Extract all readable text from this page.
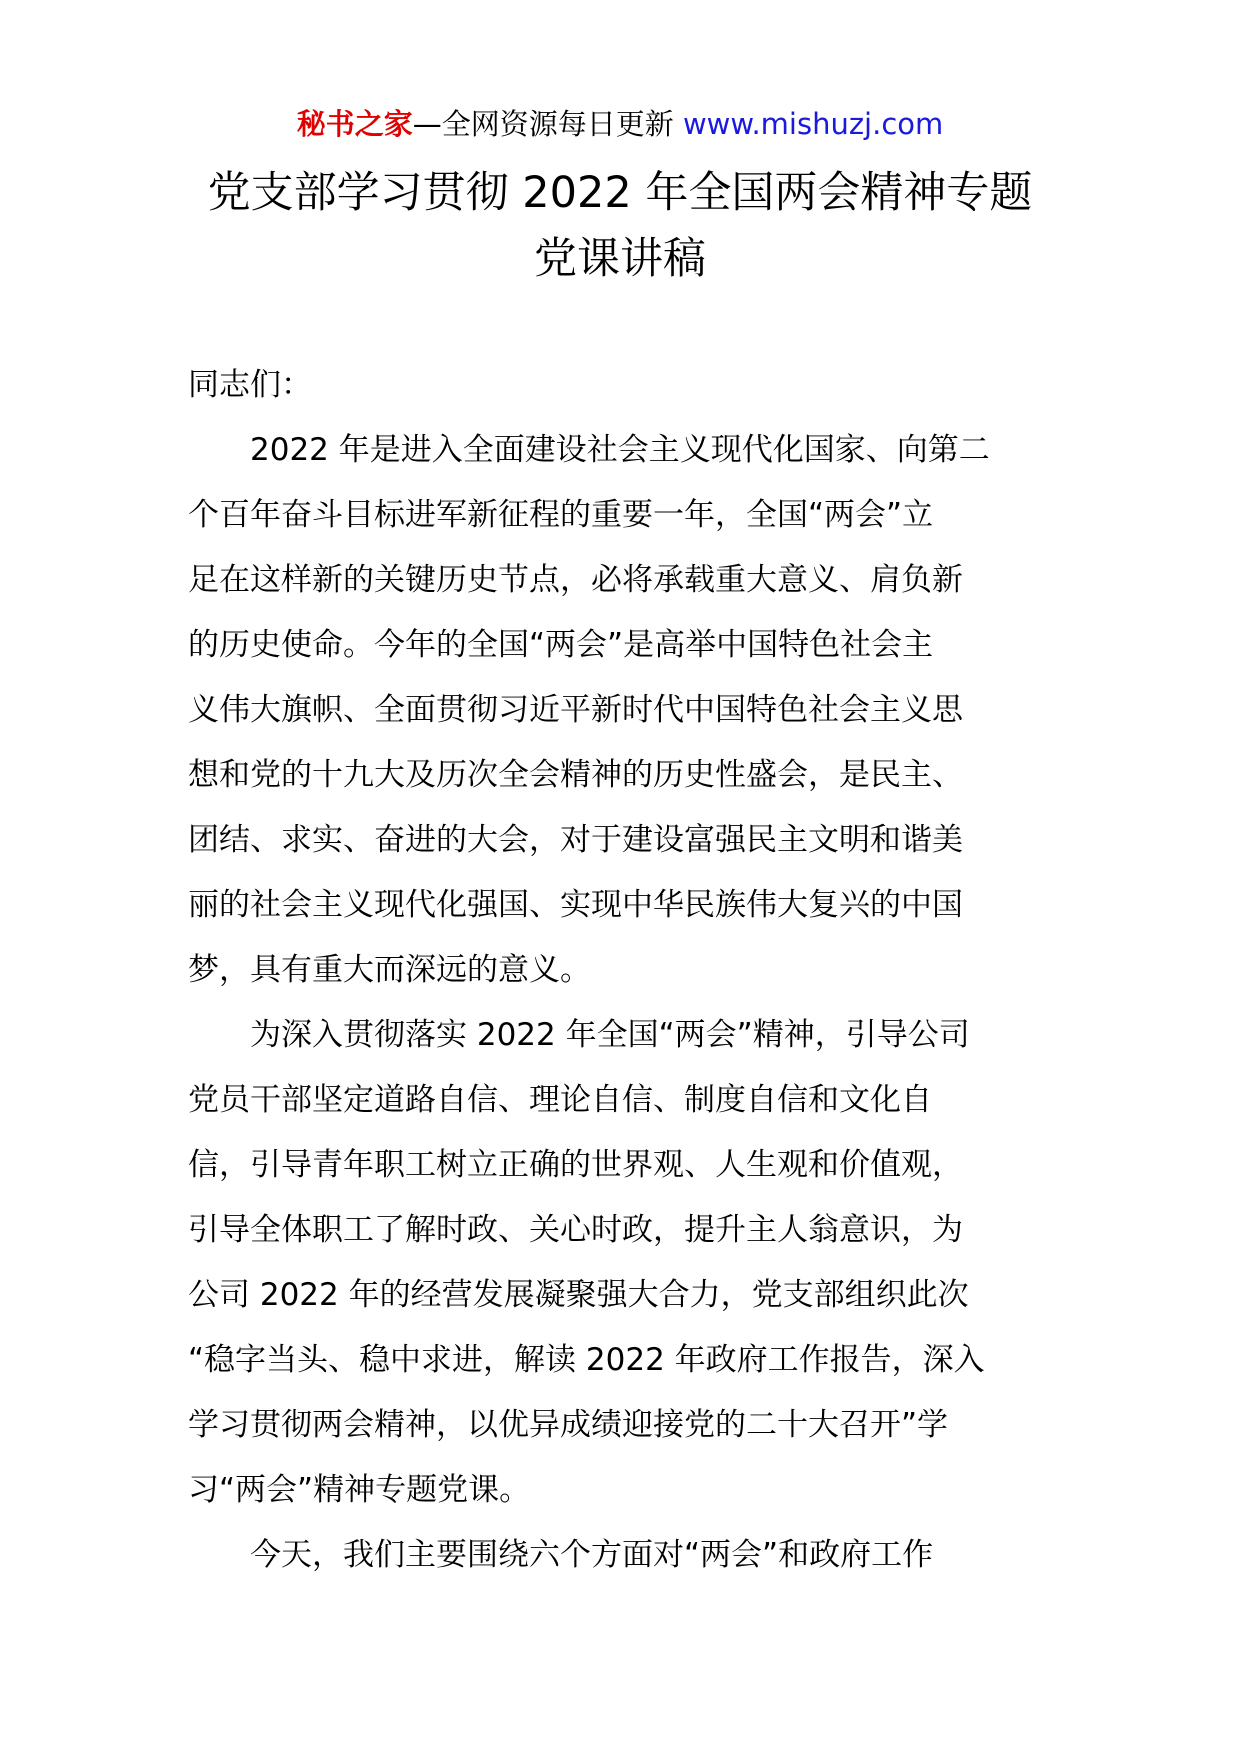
秘书之家—全网资源每日更新 www.mishuzj.com
党支部学习贯彻 2022 年全国两会精神专题
党课讲稿
同志们：
　　2022 年是进入全面建设社会主义现代化国家、向第二
个百年奋斗目标进军新征程的重要一年，全国“两会”立
足在这样新的关键历史节点，必将承载重大意义、肩负新
的历史使命。今年的全国“两会”是高举中国特色社会主
义伟大旗帜、全面贯彻习近平新时代中国特色社会主义思
想和党的十九大及历次全会精神的历史性盛会，是民主、
团结、求实、奋进的大会，对于建设富强民主文明和谐美
丽的社会主义现代化强国、实现中华民族伟大复兴的中国
梦，具有重大而深远的意义。
　　为深入贯彻落实 2022 年全国“两会”精神，引导公司
党员干部坚定道路自信、理论自信、制度自信和文化自
信，引导青年职工树立正确的世界观、人生观和价值观，
引导全体职工了解时政、关心时政，提升主人翁意识，为
公司 2022 年的经营发展凝聚强大合力，党支部组织此次
“稳字当头、稳中求进，解读 2022 年政府工作报告，深入
学习贯彻两会精神，以优异成绩迎接党的二十大召开”学
习“两会”精神专题党课。
　　今天，我们主要围绕六个方面对“两会”和政府工作
